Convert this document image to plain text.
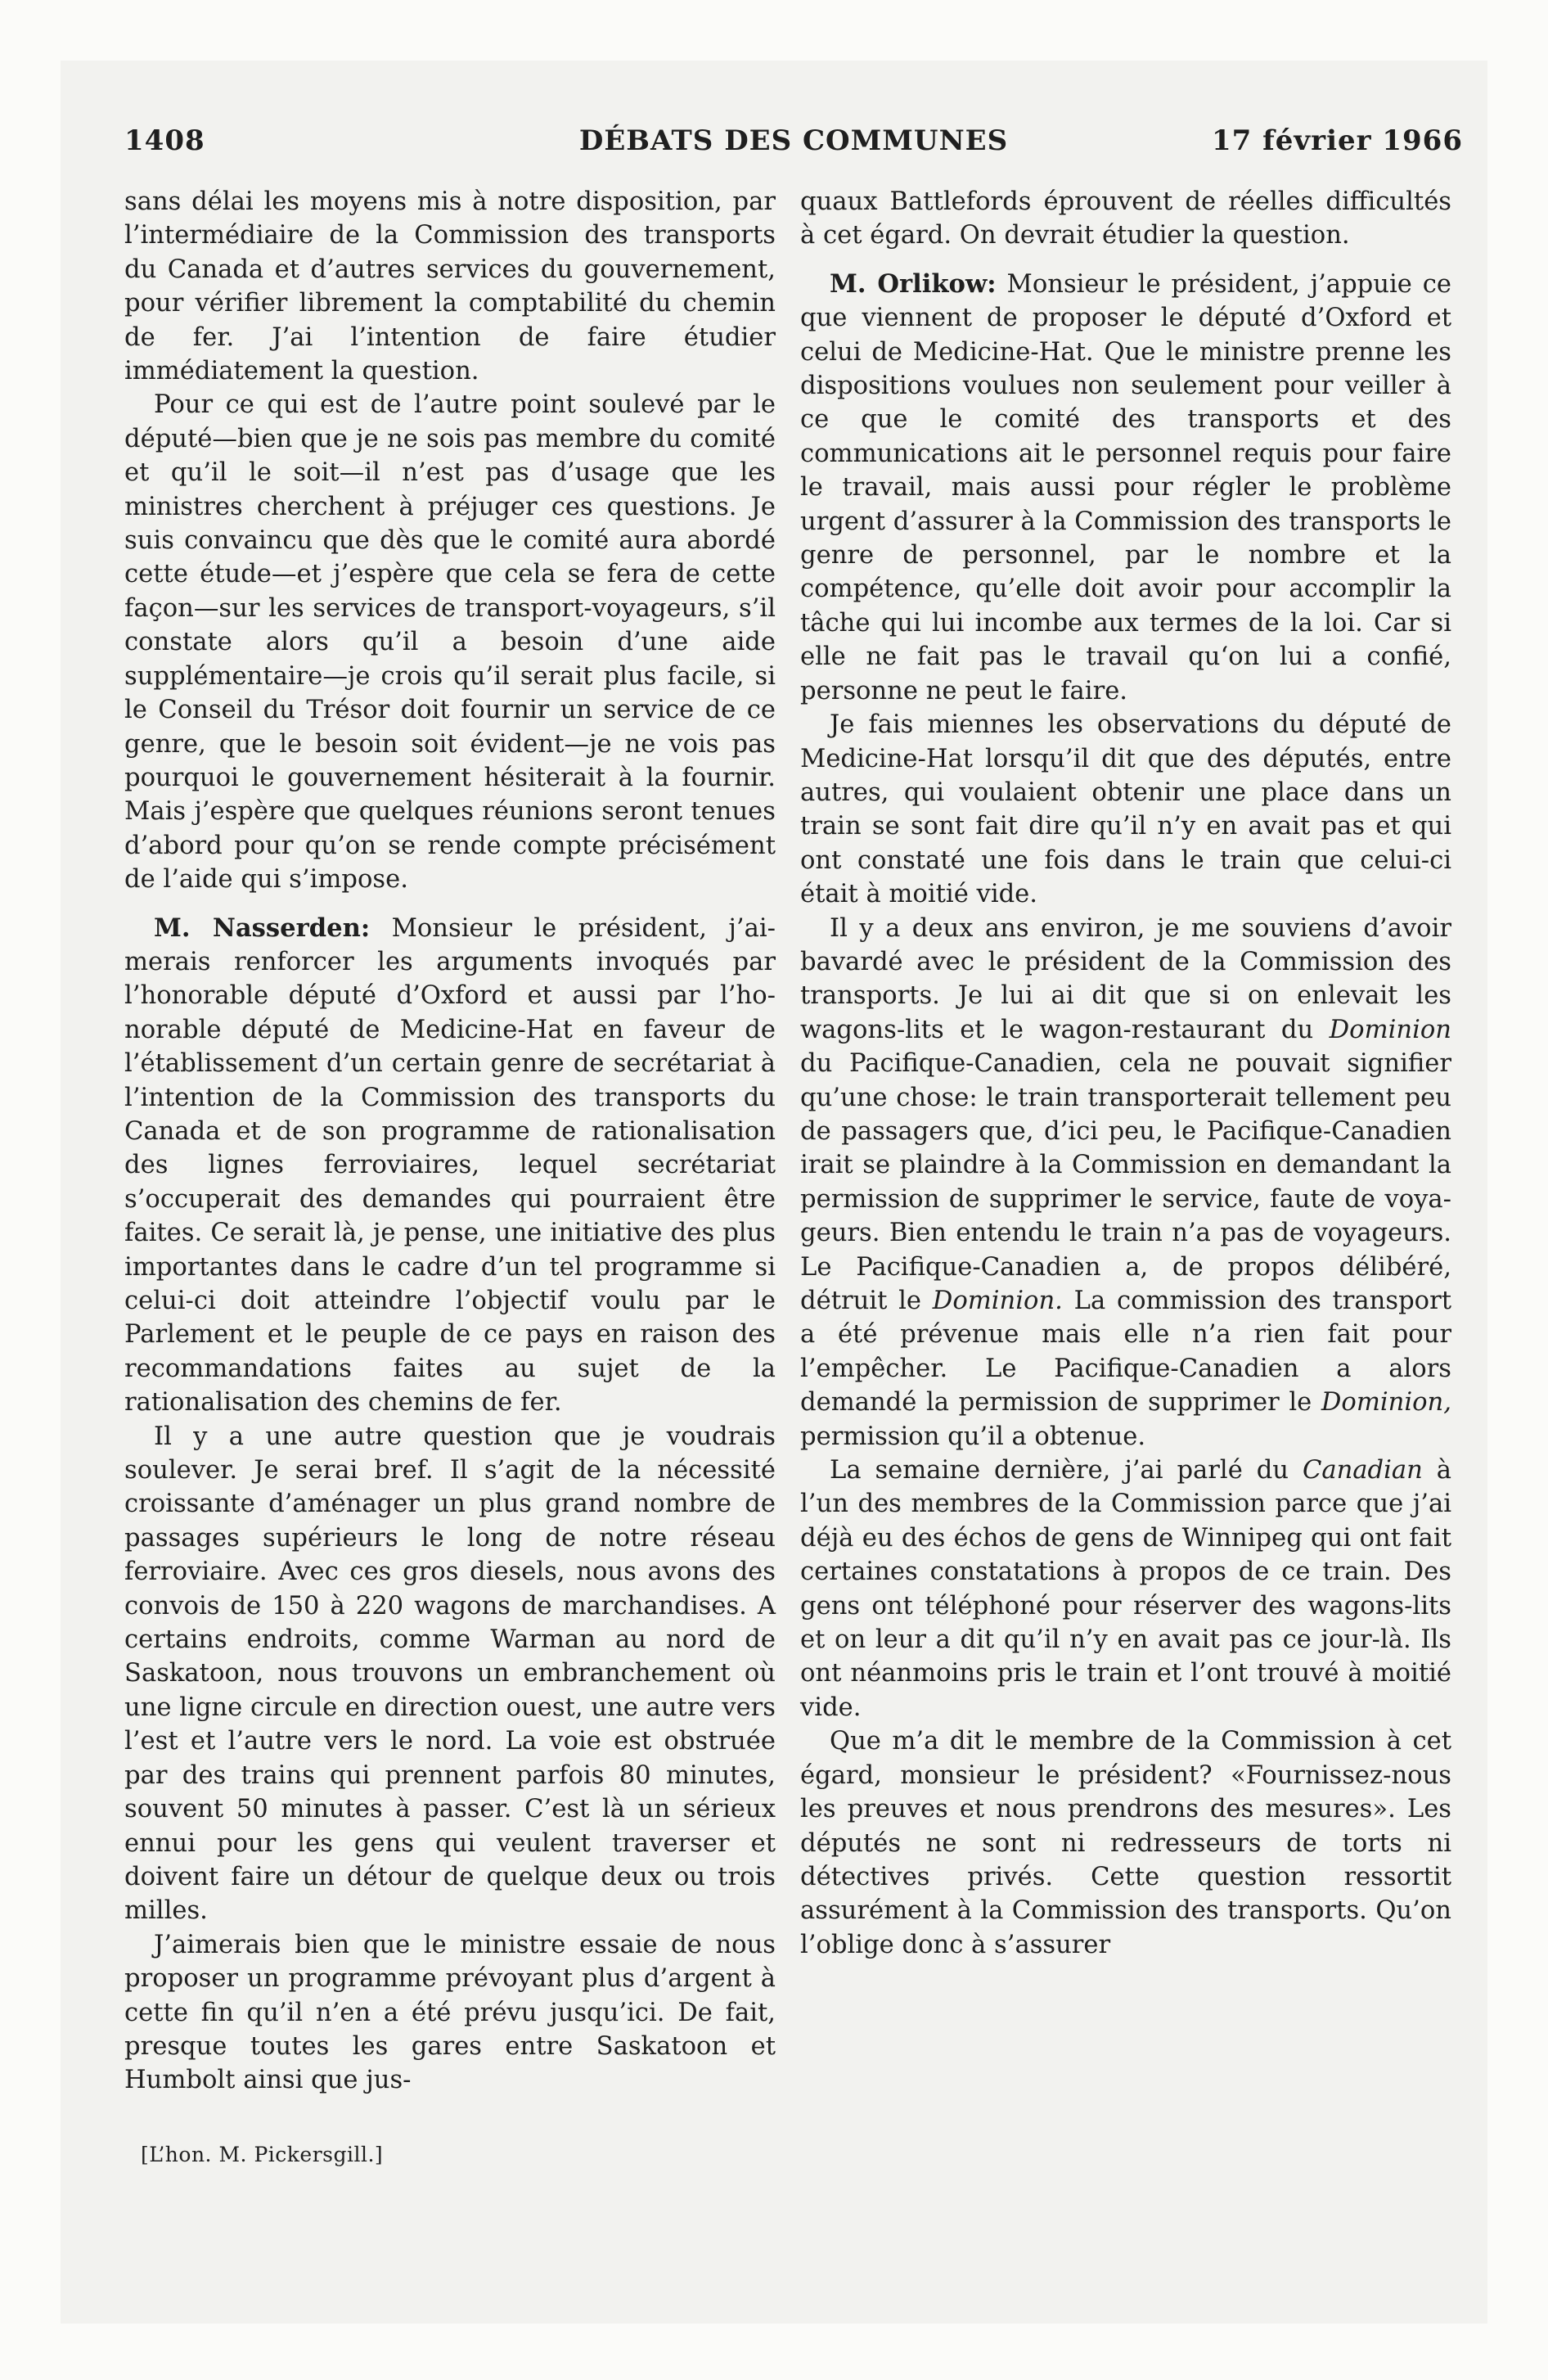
DÉBATS DES COMMUNES
1408	17 février 1966

sans délai les moyens mis à notre disposition, par l’intermédiaire de la Commission des transports du Canada et d’autres services du gouvernement, pour vérifier librement la comptabilité du chemin de fer. J’ai l’intention de faire étudier immédiatement la question.

Pour ce qui est de l’autre point soulevé par le député—bien que je ne sois pas membre du comité et qu’il le soit—il n’est pas d’usage que les ministres cherchent à préjuger ces questions. Je suis convaincu que dès que le comité aura abordé cette étude—et j’espère que cela se fera de cette façon—sur les services de transport-voyageurs, s’il constate alors qu’il a besoin d’une aide supplémentaire—je crois qu’il serait plus facile, si le Conseil du Trésor doit fournir un service de ce genre, que le besoin soit évident—je ne vois pas pourquoi le gouvernement hésiterait à la fournir. Mais j’espère que quelques réunions seront tenues d’abord pour qu’on se rende compte précisément de l’aide qui s’impose.

M. Nasserden: Monsieur le président, j’aimerais renforcer les arguments invoqués par l’honorable député d’Oxford et aussi par l’honorable député de Medicine-Hat en faveur de l’établissement d’un certain genre de secrétariat à l’intention de la Commission des transports du Canada et de son programme de rationalisation des lignes ferroviaires, lequel secrétariat s’occuperait des demandes qui pourraient être faites. Ce serait là, je pense, une initiative des plus importantes dans le cadre d’un tel programme si celui-ci doit atteindre l’objectif voulu par le Parlement et le peuple de ce pays en raison des recommandations faites au sujet de la rationalisation des chemins de fer.

Il y a une autre question que je voudrais soulever. Je serai bref. Il s’agit de la nécessité croissante d’aménager un plus grand nombre de passages supérieurs le long de notre réseau ferroviaire. Avec ces gros diesels, nous avons des convois de 150 à 220 wagons de marchandises. A certains endroits, comme Warman au nord de Saskatoon, nous trouvons un embranchement où une ligne circule en direction ouest, une autre vers l’est et l’autre vers le nord. La voie est obstruée par des trains qui prennent parfois 80 minutes, souvent 50 minutes à passer. C’est là un sérieux ennui pour les gens qui veulent traverser et doivent faire un détour de quelque deux ou trois milles.

J’aimerais bien que le ministre essaie de nous proposer un programme prévoyant plus d’argent à cette fin qu’il n’en a été prévu jusqu’ici. De fait, presque toutes les gares entre Saskatoon et Humbolt ainsi que jus-

quaux Battlefords éprouvent de réelles difficultés à cet égard. On devrait étudier la question.

M. Orlikow: Monsieur le président, j’appuie ce que viennent de proposer le député d’Oxford et celui de Medicine-Hat. Que le ministre prenne les dispositions voulues non seulement pour veiller à ce que le comité des transports et des communications ait le personnel requis pour faire le travail, mais aussi pour régler le problème urgent d’assurer à la Commission des transports le genre de personnel, par le nombre et la compétence, qu’elle doit avoir pour accomplir la tâche qui lui incombe aux termes de la loi. Car si elle ne fait pas le travail qu‘on lui a confié, personne ne peut le faire.

Je fais miennes les observations du député de Medicine-Hat lorsqu’il dit que des députés, entre autres, qui voulaient obtenir une place dans un train se sont fait dire qu’il n’y en avait pas et qui ont constaté une fois dans le train que celui-ci était à moitié vide.

Il y a deux ans environ, je me souviens d’avoir bavardé avec le président de la Commission des transports. Je lui ai dit que si on enlevait les wagons-lits et le wagon-restaurant du Dominion du Pacifique-Canadien, cela ne pouvait signifier qu’une chose: le train transporterait tellement peu de passagers que, d’ici peu, le Pacifique-Canadien irait se plaindre à la Commission en demandant la permission de supprimer le service, faute de voyageurs. Bien entendu le train n’a pas de voyageurs. Le Pacifique-Canadien a, de propos délibéré, détruit le Dominion. La commission des transport a été prévenue mais elle n’a rien fait pour l’empêcher. Le Pacifique-Canadien a alors demandé la permission de supprimer le Dominion, permission qu’il a obtenue.

La semaine dernière, j’ai parlé du Canadian à l’un des membres de la Commission parce que j’ai déjà eu des échos de gens de Winnipeg qui ont fait certaines constatations à propos de ce train. Des gens ont téléphoné pour réserver des wagons-lits et on leur a dit qu’il n’y en avait pas ce jour-là. Ils ont néanmoins pris le train et l’ont trouvé à moitié vide.

Que m’a dit le membre de la Commission à cet égard, monsieur le président? «Fournissez-nous les preuves et nous prendrons des mesures». Les députés ne sont ni redresseurs de torts ni détectives privés. Cette question ressortit assurément à la Commission des transports. Qu’on l’oblige donc à s’assurer

[L’hon. M. Pickersgill.]
